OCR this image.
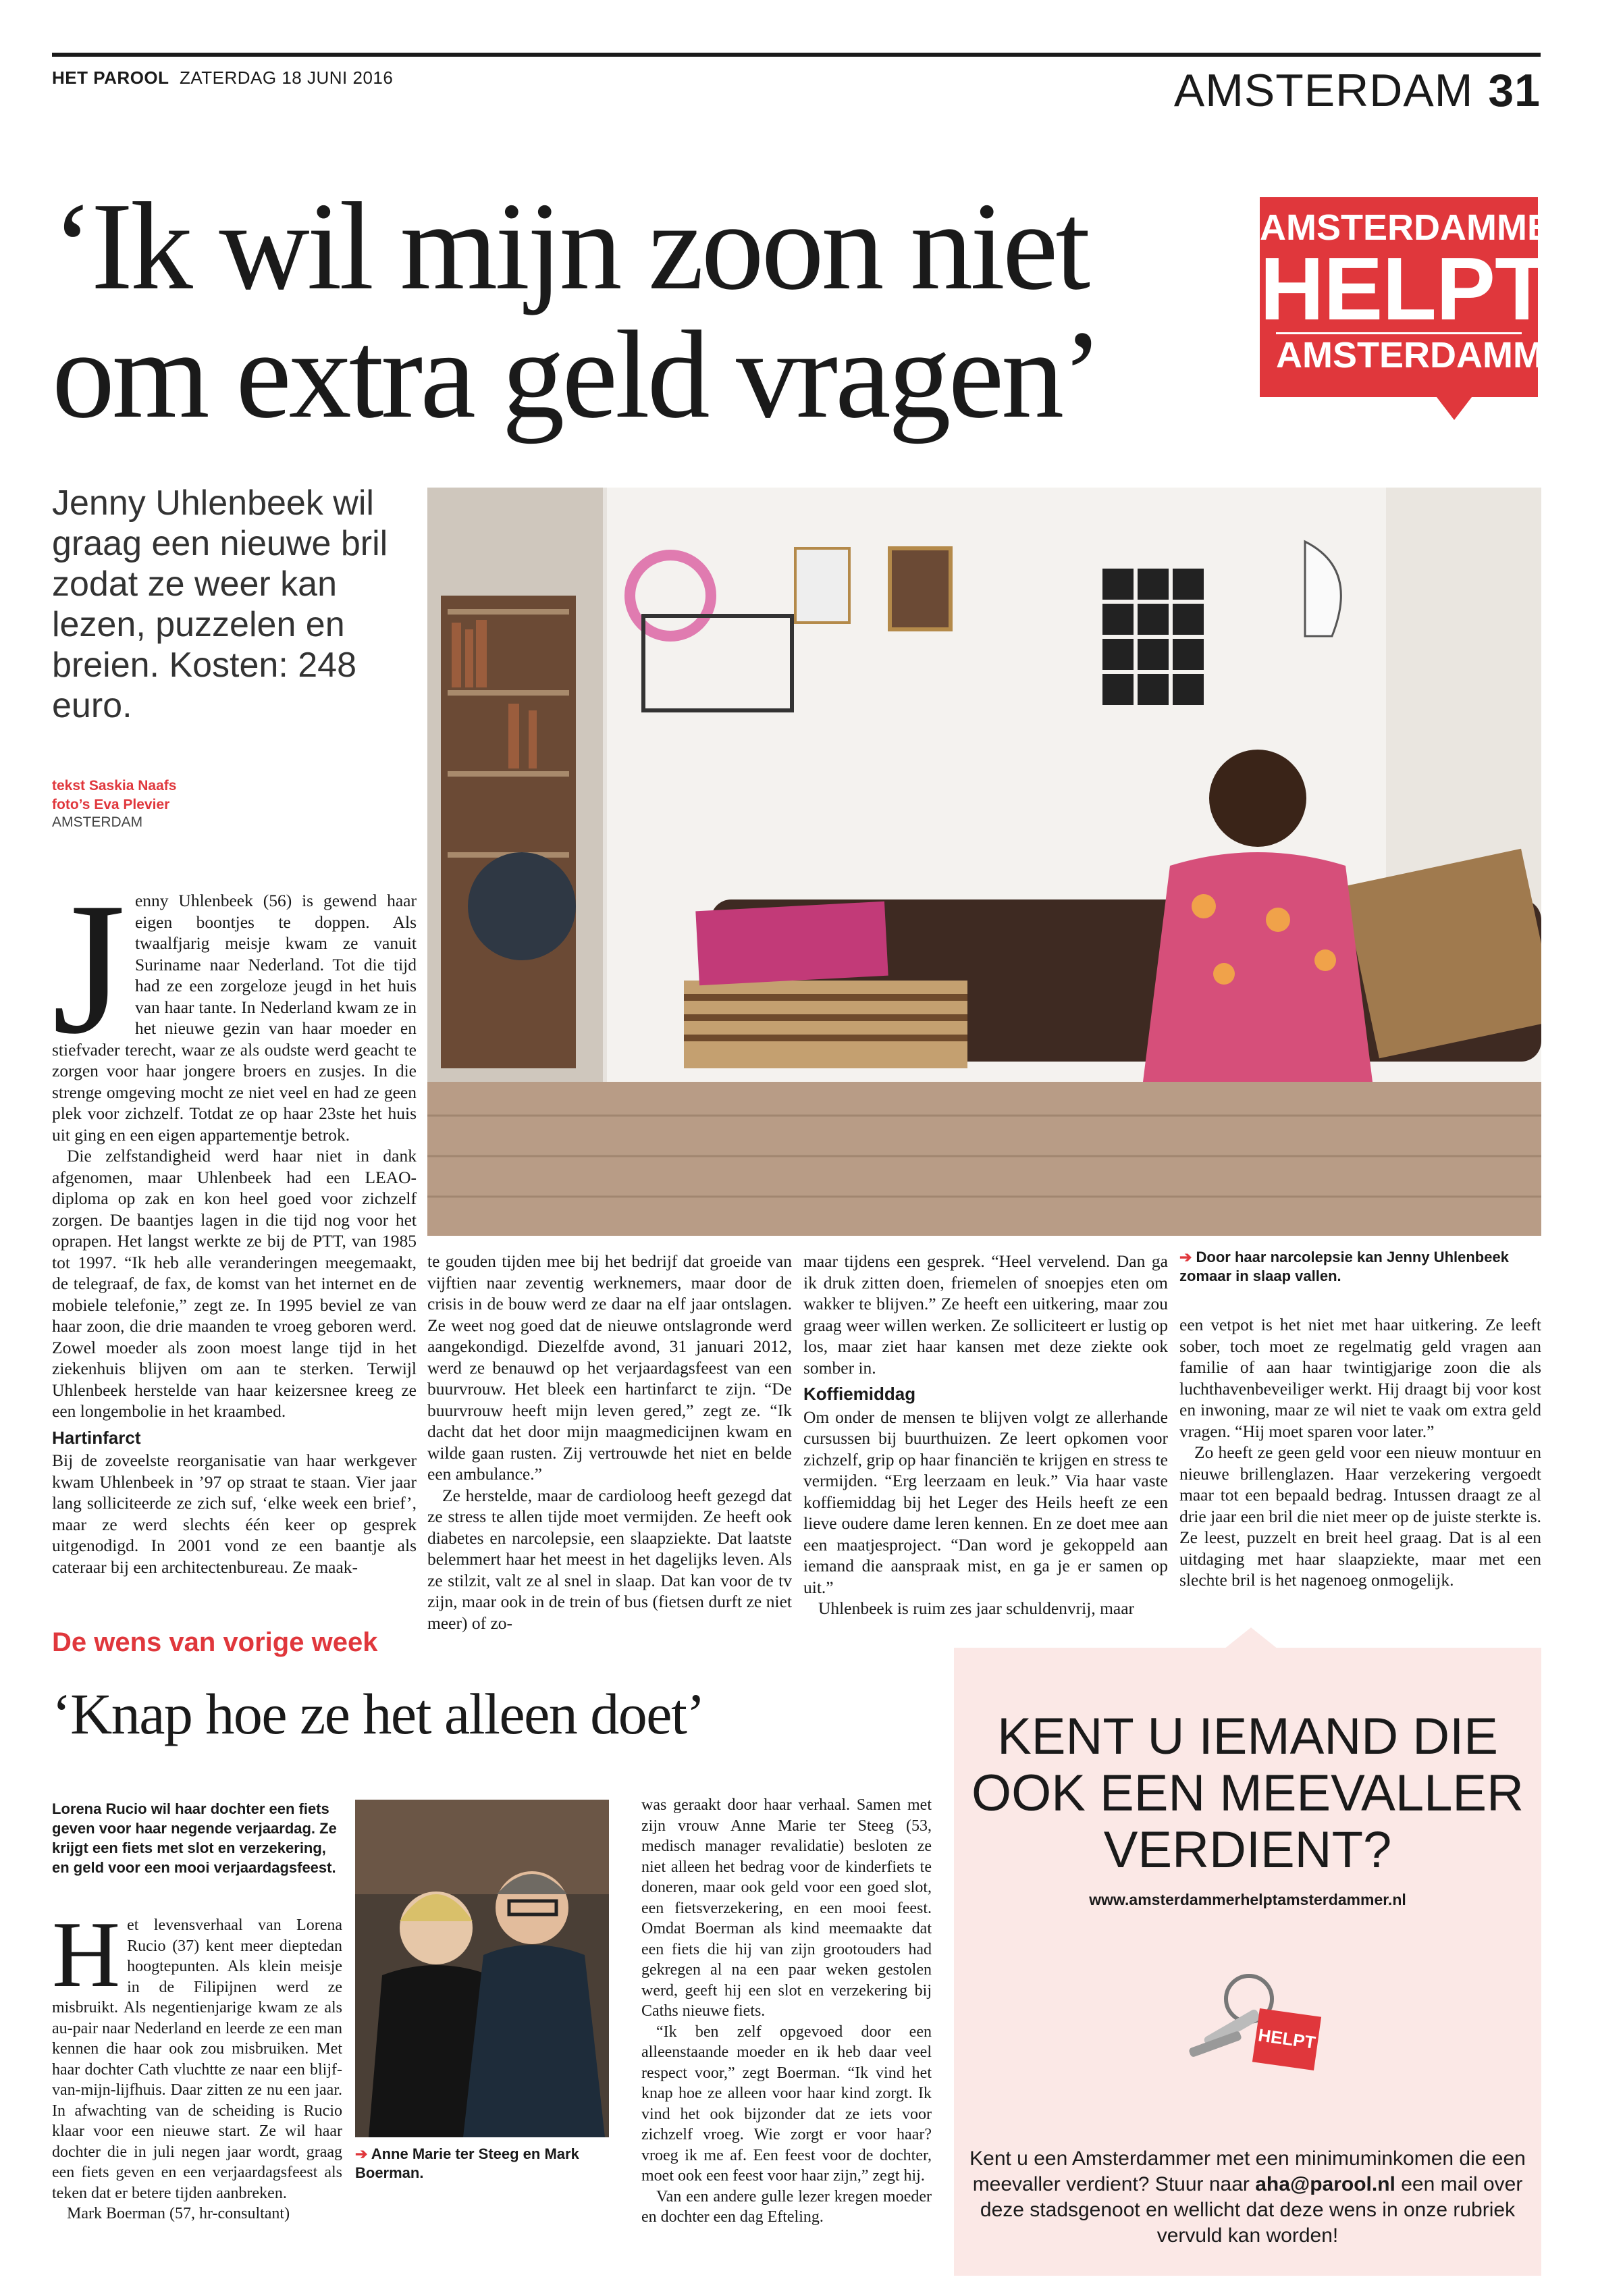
HET PAROOL ZATERDAG 18 JUNI 2016	AMSTERDAM 31
‘Ik wil mijn zoon niet
om extra geld vragen’
AMSTERDAMMER
HELPT
AMSTERDAMMER
Jenny Uhlenbeek wil graag een nieuwe bril zodat ze weer kan lezen, puzzelen en breien. Kosten: 248 euro.
tekst Saskia Naafs
foto’s Eva Plevier
AMSTERDAM
J enny Uhlenbeek (56) is gewend haar eigen boontjes te doppen. Als twaalfjarig meisje kwam ze vanuit Suriname naar Nederland. Tot die tijd had ze een zorgeloze jeugd in het huis van haar tante. In Nederland kwam ze in het nieuwe gezin van haar moeder en stiefvader terecht, waar ze als oudste werd geacht te zorgen voor haar jongere broers en zusjes. In die strenge omgeving mocht ze niet veel en had ze geen plek voor zichzelf. Totdat ze op haar 23ste het huis uit ging en een eigen appartementje betrok.

Die zelfstandigheid werd haar niet in dank afgenomen, maar Uhlenbeek had een LEAO-diploma op zak en kon heel goed voor zichzelf zorgen. De baantjes lagen in die tijd nog voor het oprapen. Het langst werkte ze bij de PTT, van 1985 tot 1997. “Ik heb alle veranderingen meegemaakt, de telegraaf, de fax, de komst van het internet en de mobiele telefonie,” zegt ze. In 1995 beviel ze van haar zoon, die drie maanden te vroeg geboren werd. Zowel moeder als zoon moest lange tijd in het ziekenhuis blijven om aan te sterken. Terwijl Uhlenbeek herstelde van haar keizersnee kreeg ze een longembolie in het kraambed.

Hartinfarct

Bij de zoveelste reorganisatie van haar werkgever kwam Uhlenbeek in ’97 op straat te staan. Vier jaar lang solliciteerde ze zich suf, ‘elke week een brief’, maar ze werd slechts één keer op gesprek uitgenodigd. In 2001 vond ze een baantje als cateraar bij een architectenbureau. Ze maak-

te gouden tijden mee bij het bedrijf dat groeide van vijftien naar zeventig werknemers, maar door de crisis in de bouw werd ze daar na elf jaar ontslagen. Ze weet nog goed dat de nieuwe ontslagronde werd aangekondigd. Diezelfde avond, 31 januari 2012, werd ze benauwd op het verjaardagsfeest van een buurvrouw. Het bleek een hartinfarct te zijn. “De buurvrouw heeft mijn leven gered,” zegt ze. “Ik dacht dat het door mijn maagmedicijnen kwam en wilde gaan rusten. Zij vertrouwde het niet en belde een ambulance.”

Ze herstelde, maar de cardioloog heeft gezegd dat ze stress te allen tijde moet vermijden. Ze heeft ook diabetes en narcolepsie, een slaapziekte. Dat laatste belemmert haar het meest in het dagelijks leven. Als ze stilzit, valt ze al snel in slaap. Dat kan voor de tv zijn, maar ook in de trein of bus (fietsen durft ze niet meer) of zo-

maar tijdens een gesprek. “Heel vervelend. Dan ga ik druk zitten doen, friemelen of snoepjes eten om wakker te blijven.” Ze heeft een uitkering, maar zou graag weer willen werken. Ze solliciteert er lustig op los, maar ziet haar kansen met deze ziekte ook somber in.

Koffiemiddag

Om onder de mensen te blijven volgt ze allerhande cursussen bij buurthuizen. Ze leert opkomen voor zichzelf, grip op haar financiën te krijgen en stress te vermijden. “Erg leerzaam en leuk.” Via haar vaste koffiemiddag bij het Leger des Heils heeft ze een lieve oudere dame leren kennen. En ze doet mee aan een maatjesproject. “Dan word je gekoppeld aan iemand die aanspraak mist, en ga je er samen op uit.”

Uhlenbeek is ruim zes jaar schuldenvrij, maar

➔ Door haar narcolepsie kan Jenny Uhlenbeek zomaar in slaap vallen.

een vetpot is het niet met haar uitkering. Ze leeft sober, toch moet ze regelmatig geld vragen aan familie of aan haar twintigjarige zoon die als luchthavenbeveiliger werkt. Hij draagt bij voor kost en inwoning, maar ze wil niet te vaak om extra geld vragen. “Hij moet sparen voor later.”

Zo heeft ze geen geld voor een nieuw montuur en nieuwe brillenglazen. Haar verzekering vergoedt maar tot een bepaald bedrag. Intussen draagt ze al drie jaar een bril die niet meer op de juiste sterkte is. Ze leest, puzzelt en breit heel graag. Dat is al een uitdaging met haar slaapziekte, maar met een slechte bril is het nagenoeg onmogelijk.

De wens van vorige week
‘Knap hoe ze het alleen doet’
Lorena Rucio wil haar dochter een fiets geven voor haar negende verjaardag. Ze krijgt een fiets met slot en verzekering, en geld voor een mooi verjaardagsfeest.
H et levensverhaal van Lorena Rucio (37) kent meer dieptedan hoogtepunten. Als klein meisje in de Filipijnen werd ze misbruikt. Als negentienjarige kwam ze als au-pair naar Nederland en leerde ze een man kennen die haar ook zou misbruiken. Met haar dochter Cath vluchtte ze naar een blijf-van-mijn-lijfhuis. Daar zitten ze nu een jaar. In afwachting van de scheiding is Rucio klaar voor een nieuwe start. Ze wil haar dochter die in juli negen jaar wordt, graag een fiets geven en een verjaardagsfeest als teken dat er betere tijden aanbreken.

Mark Boerman (57, hr-consultant)

➔ Anne Marie ter Steeg en Mark Boerman.

was geraakt door haar verhaal. Samen met zijn vrouw Anne Marie ter Steeg (53, medisch manager revalidatie) besloten ze niet alleen het bedrag voor de kinderfiets te doneren, maar ook geld voor een goed slot, een fietsverzekering, en een mooi feest. Omdat Boerman als kind meemaakte dat een fiets die hij van zijn grootouders had gekregen al na een paar weken gestolen werd, geeft hij een slot en verzekering bij Caths nieuwe fiets.

“Ik ben zelf opgevoed door een alleenstaande moeder en ik heb daar veel respect voor,” zegt Boerman. “Ik vind het knap hoe ze alleen voor haar kind zorgt. Ik vind het ook bijzonder dat ze iets voor zichzelf vroeg. Wie zorgt er voor haar? vroeg ik me af. Een feest voor de dochter, moet ook een feest voor haar zijn,” zegt hij.

Van een andere gulle lezer kregen moeder en dochter een dag Efteling.

KENT U IEMAND DIE
OOK EEN MEEVALLER
VERDIENT?
www.amsterdammerhelptamsterdammer.nl
HELPT
Kent u een Amsterdammer met een minimuminkomen die een meevaller verdient? Stuur naar aha@parool.nl een mail over deze stadsgenoot en wellicht dat deze wens in onze rubriek vervuld kan worden!
